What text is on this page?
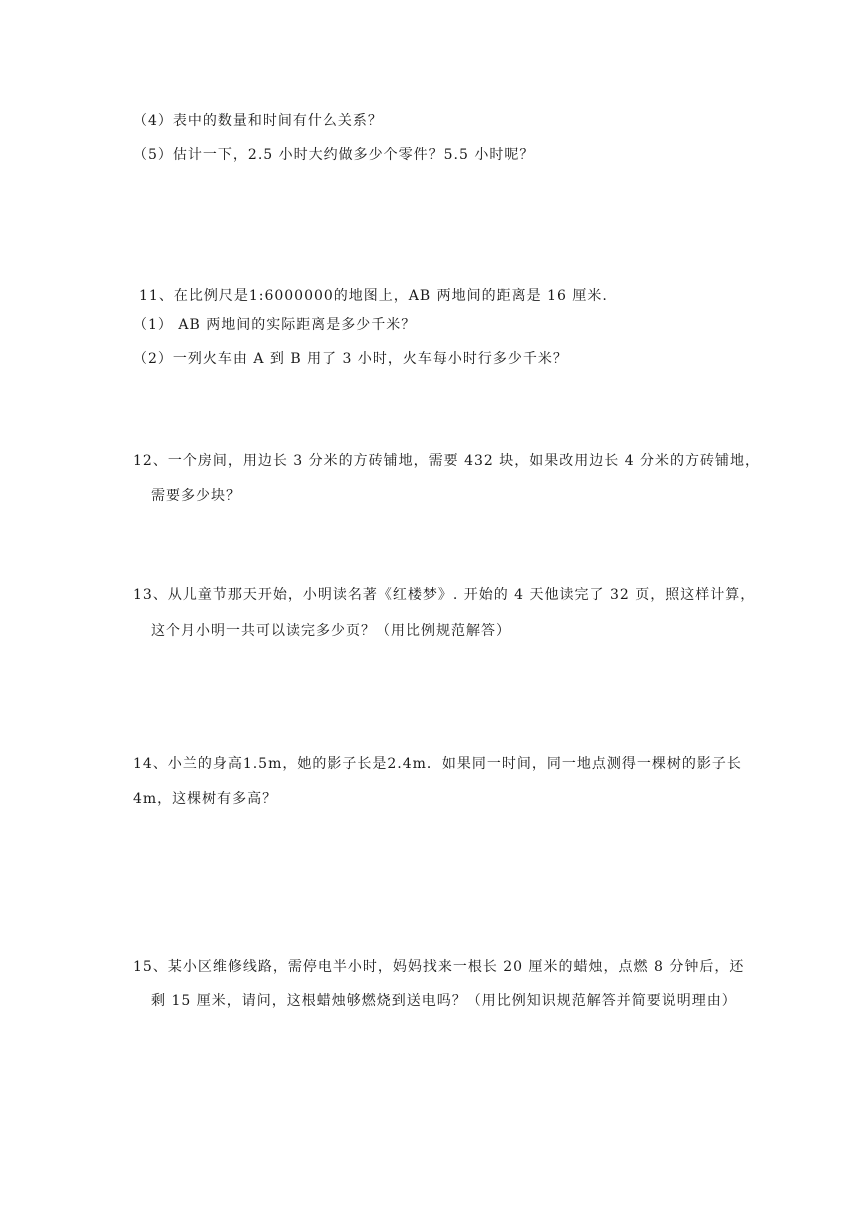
（4）表中的数量和时间有什么关系？
（5）估计一下，2.5 小时大约做多少个零件？5.5 小时呢？
11、在比例尺是1:6000000的地图上，AB 两地间的距离是 16 厘米.
（1） AB 两地间的实际距离是多少千米？
（2）一列火车由 A 到 B 用了 3 小时，火车每小时行多少千米？
12、一个房间，用边长 3 分米的方砖铺地，需要 432 块，如果改用边长 4 分米的方砖铺地，
需要多少块？
13、从儿童节那天开始，小明读名著《红楼梦》. 开始的 4 天他读完了 32 页，照这样计算，
这个月小明一共可以读完多少页？（用比例规范解答）
14、小兰的身高1.5m，她的影子长是2.4m．如果同一时间，同一地点测得一棵树的影子长
4m，这棵树有多高？
15、某小区维修线路，需停电半小时，妈妈找来一根长 20 厘米的蜡烛，点燃 8 分钟后，还
剩 15 厘米，请问，这根蜡烛够燃烧到送电吗？（用比例知识规范解答并简要说明理由）
